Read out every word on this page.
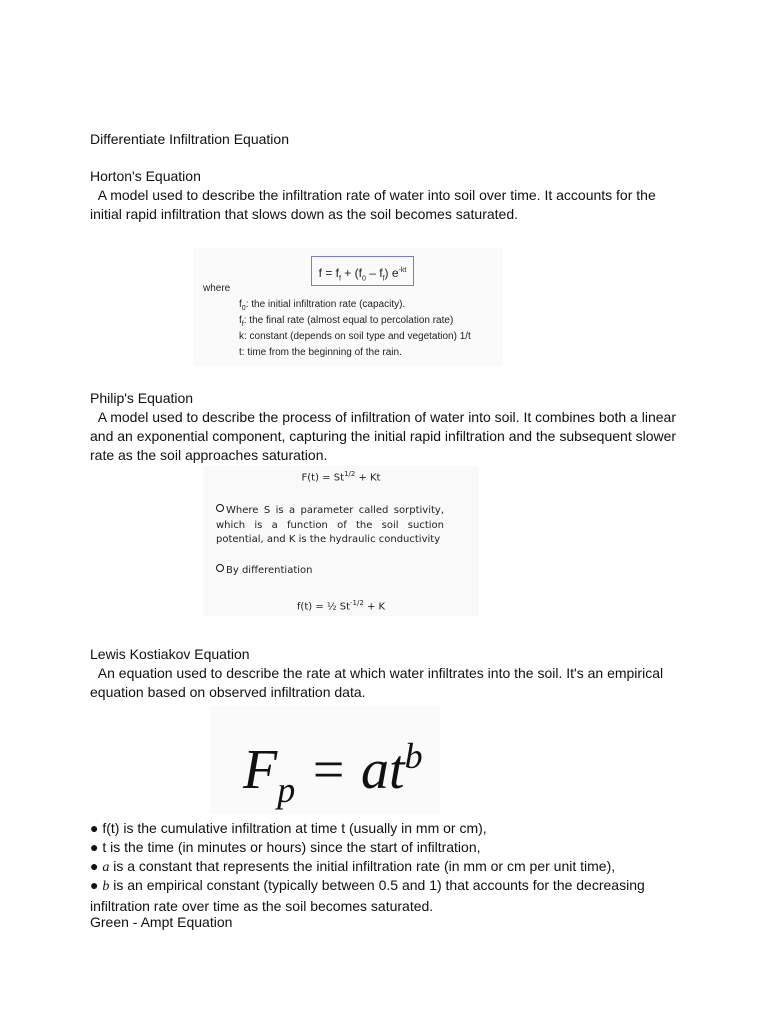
Differentiate Infiltration Equation
Horton's Equation
A model used to describe the infiltration rate of water into soil over time. It accounts for the initial rapid infiltration that slows down as the soil becomes saturated.
$f = f_f + (f_0 - f_f)$ $e^{-kt}$
where
$f_0$: the initial infiltration rate (capacity).
$f_f$: the final rate (almost equal to percolation rate)
k: constant (depends on soil type and vegetation) 1/t
t: time from the beginning of the rain.
Philip's Equation
A model used to describe the process of infiltration of water into soil. It combines both a linear and an exponential component, capturing the initial rapid infiltration and the subsequent slower rate as the soil approaches saturation.
$F(t) = St^{1/2} + Kt$
Where S is a parameter called sorptivity, which is a function of the soil suction potential, and K is the hydraulic conductivity
By differentiation
f(t) = ½ $St^{-1/2} + K$
Lewis Kostiakov Equation
An equation used to describe the rate at which water infiltrates into the soil. It's an empirical equation based on observed infiltration data.
$F_p = at^b$
● f(t) is the cumulative infiltration at time t (usually in mm or cm),
● t is the time (in minutes or hours) since the start of infiltration,
● a is a constant that represents the initial infiltration rate (in mm or cm per unit time),
● b is an empirical constant (typically between 0.5 and 1) that accounts for the decreasing infiltration rate over time as the soil becomes saturated.
Green - Ampt Equation
